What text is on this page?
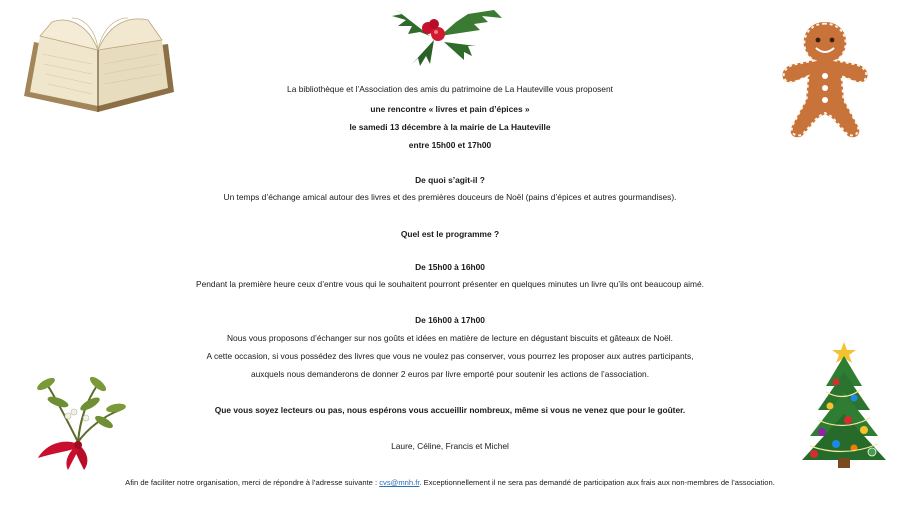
La bibliothèque et l’Association des amis du patrimoine de La Hauteville vous proposent
une rencontre « livres et pain d’épices »
le samedi 13 décembre à la mairie de La Hauteville
entre 15h00 et 17h00
De quoi s’agit-il ?
Un temps d’échange amical autour des livres et des premières douceurs de Noël (pains d’épices et autres gourmandises).
Quel est le programme ?
De 15h00 à 16h00
Pendant la première heure ceux d’entre vous qui le souhaitent pourront présenter en quelques minutes un livre qu’ils ont beaucoup aimé.
De 16h00 à 17h00
Nous vous proposons d’échanger sur nos goûts et idées en matière de lecture en dégustant biscuits et gâteaux de Noël.
A cette occasion, si vous possédez des livres que vous ne voulez pas conserver, vous pourrez les proposer aux autres participants,
auxquels nous demanderons de donner 2 euros par livre emporté pour soutenir les actions de l’association.
Que vous soyez lecteurs ou pas, nous espérons vous accueillir nombreux, même si vous ne venez que pour le goûter.
Laure, Céline, Francis et Michel
Afin de faciliter notre organisation, merci de répondre à l’adresse suivante : cvs@mnh.fr. Exceptionnellement il ne sera pas demandé de participation aux frais aux non-membres de l’association.
